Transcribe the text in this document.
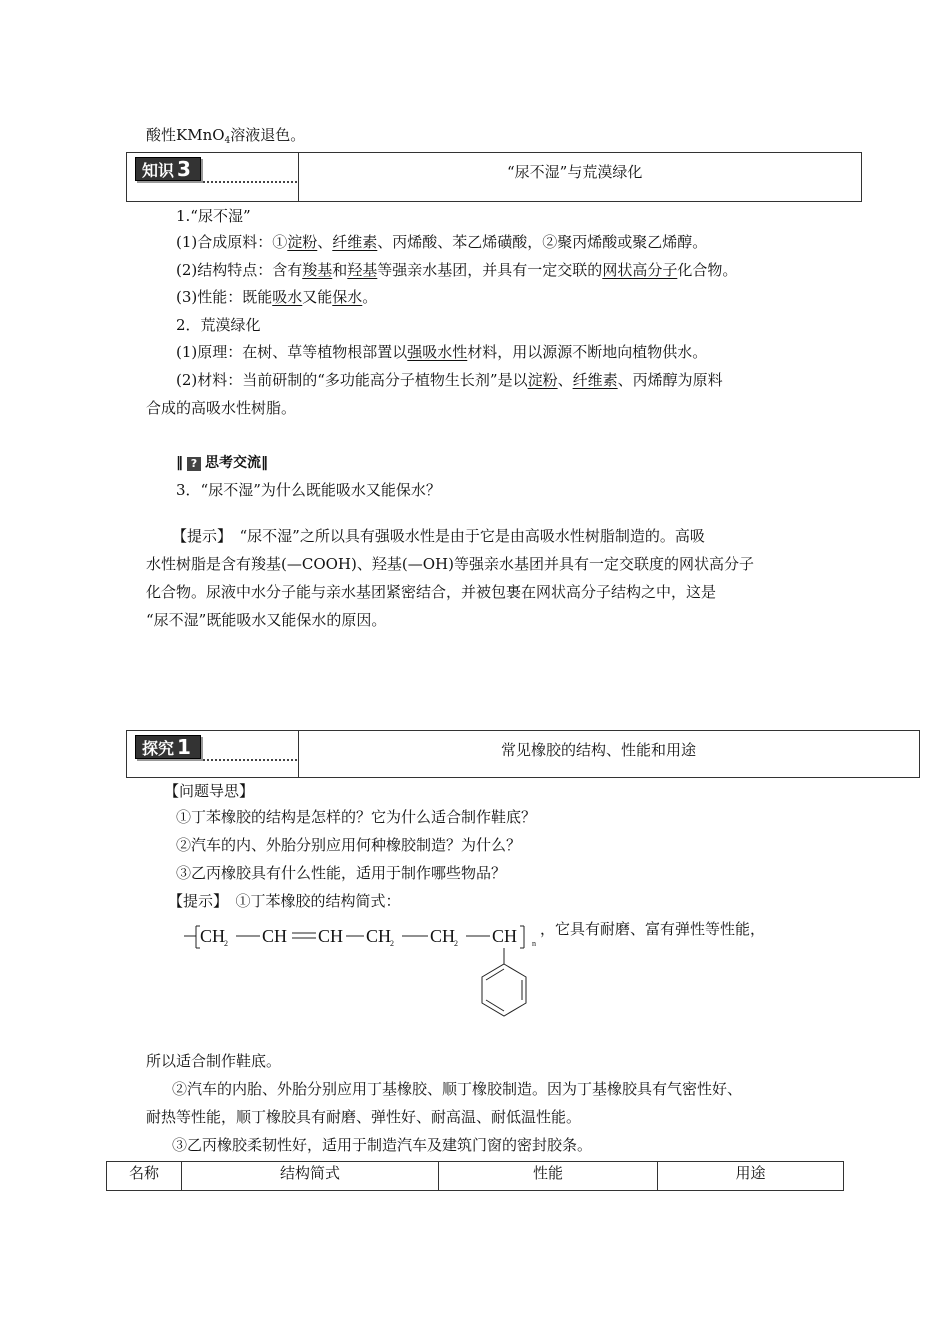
酸性KMnO$_4$溶液退色。
知识 3	“尿不湿”与荒漠绿化
1.“尿不湿”
(1)合成原料：①淀粉、纤维素、丙烯酸、苯乙烯磺酸，②聚丙烯酸或聚乙烯醇。
(2)结构特点：含有羧基和羟基等强亲水基团，并具有一定交联的网状高分子化合物。
(3)性能：既能吸水又能保水。
2．荒漠绿化
(1)原理：在树、草等植物根部置以强吸水性材料，用以源源不断地向植物供水。
(2)材料：当前研制的“多功能高分子植物生长剂”是以淀粉、纤维素、丙烯醇为原料
合成的高吸水性树脂。
‖ ? 思考交流‖
3．“尿不湿”为什么既能吸水又能保水？
【提示】　“尿不湿”之所以具有强吸水性是由于它是由高吸水性树脂制造的。高吸
水性树脂是含有羧基(—COOH)、羟基(—OH)等强亲水基团并具有一定交联度的网状高分子
化合物。尿液中水分子能与亲水基团紧密结合，并被包裹在网状高分子结构之中，这是
“尿不湿”既能吸水又能保水的原因。
探究 1	常见橡胶的结构、性能和用途
【问题导思】
①丁苯橡胶的结构是怎样的？它为什么适合制作鞋底？
②汽车的内、外胎分别应用何种橡胶制造？为什么？
③乙丙橡胶具有什么性能，适用于制作哪些物品？
【提示】　①丁苯橡胶的结构简式：
CH
2 CH CH CH
2 CH
2 CH n
，它具有耐磨、富有弹性等性能，
所以适合制作鞋底。
②汽车的内胎、外胎分别应用丁基橡胶、顺丁橡胶制造。因为丁基橡胶具有气密性好、
耐热等性能，顺丁橡胶具有耐磨、弹性好、耐高温、耐低温性能。
③乙丙橡胶柔韧性好，适用于制造汽车及建筑门窗的密封胶条。
名称	结构简式	性能	用途
